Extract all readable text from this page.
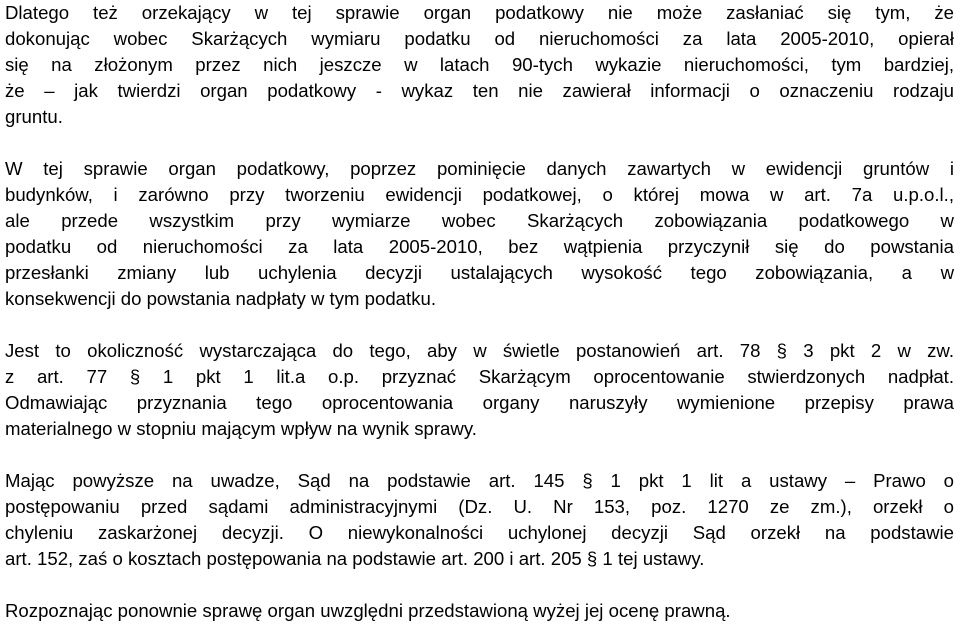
Dlatego też orzekający w tej sprawie organ podatkowy nie może zasłaniać się tym, że
dokonując wobec Skarżących wymiaru podatku od nieruchomości za lata 2005-2010, opierał
się na złożonym przez nich jeszcze w latach 90-tych wykazie nieruchomości, tym bardziej,
że – jak twierdzi organ podatkowy - wykaz ten nie zawierał informacji o oznaczeniu rodzaju
gruntu.
W tej sprawie organ podatkowy, poprzez pominięcie danych zawartych w ewidencji gruntów i
budynków, i zarówno przy tworzeniu ewidencji podatkowej, o której mowa w art. 7a u.p.o.l.,
ale przede wszystkim przy wymiarze wobec Skarżących zobowiązania podatkowego w
podatku od nieruchomości za lata 2005-2010, bez wątpienia przyczynił się do powstania
przesłanki zmiany lub uchylenia decyzji ustalających wysokość tego zobowiązania, a w
konsekwencji do powstania nadpłaty w tym podatku.
Jest to okoliczność wystarczająca do tego, aby w świetle postanowień art. 78 § 3 pkt 2 w zw.
z art. 77 § 1 pkt 1 lit.a o.p. przyznać Skarżącym oprocentowanie stwierdzonych nadpłat.
Odmawiając przyznania tego oprocentowania organy naruszyły wymienione przepisy prawa
materialnego w stopniu mającym wpływ na wynik sprawy.
Mając powyższe na uwadze, Sąd na podstawie art. 145 § 1 pkt 1 lit a ustawy – Prawo o
postępowaniu przed sądami administracyjnymi (Dz. U. Nr 153, poz. 1270 ze zm.), orzekł o
chyleniu zaskarżonej decyzji. O niewykonalności uchylonej decyzji Sąd orzekł na podstawie
art. 152, zaś o kosztach postępowania na podstawie art. 200 i art. 205 § 1 tej ustawy.
Rozpoznając ponownie sprawę organ uwzględni przedstawioną wyżej jej ocenę prawną.
